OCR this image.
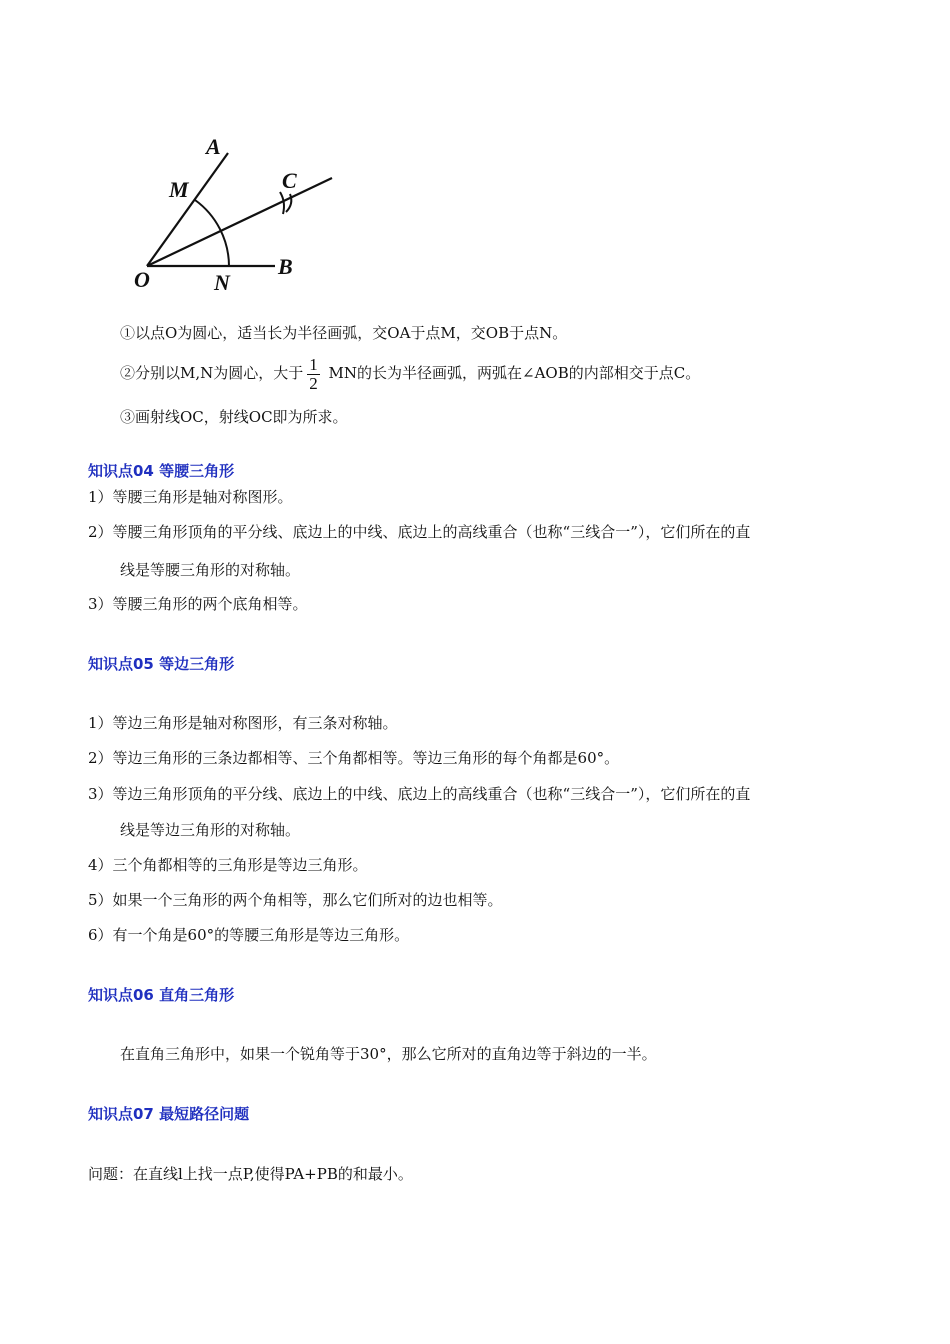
A
M	C
O	N
B
①以点O为圆心，适当长为半径画弧，交OA于点M，交OB于点N。
②分别以M,N为圆心，大于 $\frac{1}{2}$ MN的长为半径画弧，两弧在∠AOB的内部相交于点C。
③画射线OC，射线OC即为所求。
知识点04 等腰三角形
1）等腰三角形是轴对称图形。
2）等腰三角形顶角的平分线、底边上的中线、底边上的高线重合（也称“三线合一”），它们所在的直
线是等腰三角形的对称轴。
3）等腰三角形的两个底角相等。
知识点05 等边三角形
1）等边三角形是轴对称图形，有三条对称轴。
2）等边三角形的三条边都相等、三个角都相等。等边三角形的每个角都是60°。
3）等边三角形顶角的平分线、底边上的中线、底边上的高线重合（也称“三线合一”），它们所在的直
线是等边三角形的对称轴。
4）三个角都相等的三角形是等边三角形。
5）如果一个三角形的两个角相等，那么它们所对的边也相等。
6）有一个角是60°的等腰三角形是等边三角形。
知识点06 直角三角形
在直角三角形中，如果一个锐角等于30°，那么它所对的直角边等于斜边的一半。
知识点07 最短路径问题
问题：在直线l上找一点P,使得PA+PB的和最小。
